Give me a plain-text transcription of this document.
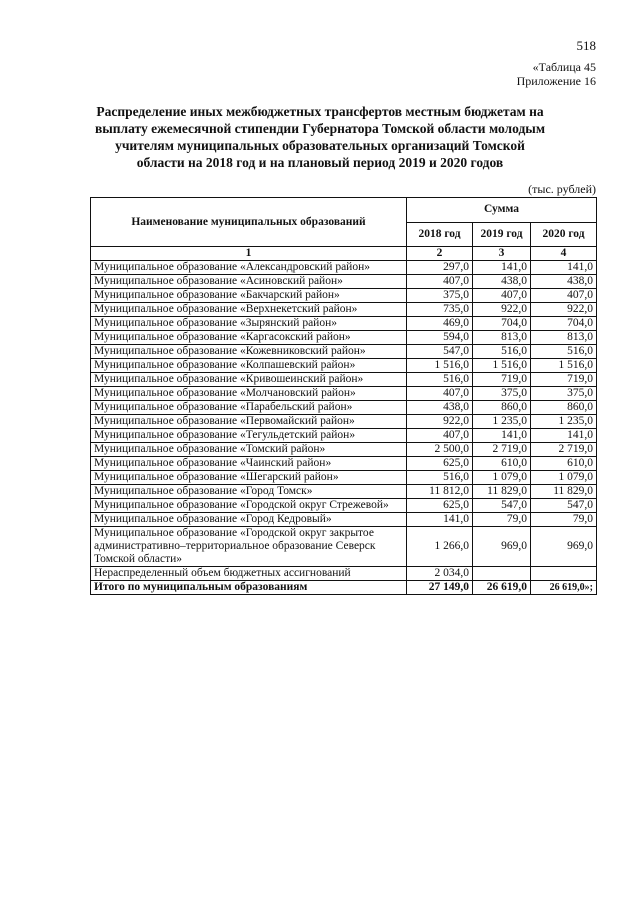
518
«Таблица 45
Приложение 16
Распределение иных межбюджетных трансфертов местным бюджетам на выплату ежемесячной стипендии Губернатора Томской области молодым учителям муниципальных образовательных организаций Томской области на 2018 год и на плановый период 2019 и 2020 годов
(тыс. рублей)
Наименование муниципальных образований	Сумма		
	2018 год	2019 год	2020 год
1	2	3	4
Муниципальное образование «Александровский район»	297,0	141,0	141,0
Муниципальное образование «Асиновский район»	407,0	438,0	438,0
Муниципальное образование «Бакчарский район»	375,0	407,0	407,0
Муниципальное образование «Верхнекетский район»	735,0	922,0	922,0
Муниципальное образование «Зырянский район»	469,0	704,0	704,0
Муниципальное образование «Каргасокский район»	594,0	813,0	813,0
Муниципальное образование «Кожевниковский район»	547,0	516,0	516,0
Муниципальное образование «Колпашевский район»	1 516,0	1 516,0	1 516,0
Муниципальное образование «Кривошеинский район»	516,0	719,0	719,0
Муниципальное образование «Молчановский район»	407,0	375,0	375,0
Муниципальное образование «Парабельский район»	438,0	860,0	860,0
Муниципальное образование «Первомайский район»	922,0	1 235,0	1 235,0
Муниципальное образование «Тегульдетский район»	407,0	141,0	141,0
Муниципальное образование «Томский район»	2 500,0	2 719,0	2 719,0
Муниципальное образование «Чаинский район»	625,0	610,0	610,0
Муниципальное образование «Шегарский район»	516,0	1 079,0	1 079,0
Муниципальное образование «Город Томск»	11 812,0	11 829,0	11 829,0
Муниципальное образование «Городской округ Стрежевой»	625,0	547,0	547,0
Муниципальное образование «Город Кедровый»	141,0	79,0	79,0
Муниципальное образование «Городской округ закрытое административно–территориальное образование Северск Томской области»	1 266,0	969,0	969,0
Нераспределенный объем бюджетных ассигнований	2 034,0		
Итого по муниципальным образованиям	27 149,0	26 619,0	26 619,0»;
